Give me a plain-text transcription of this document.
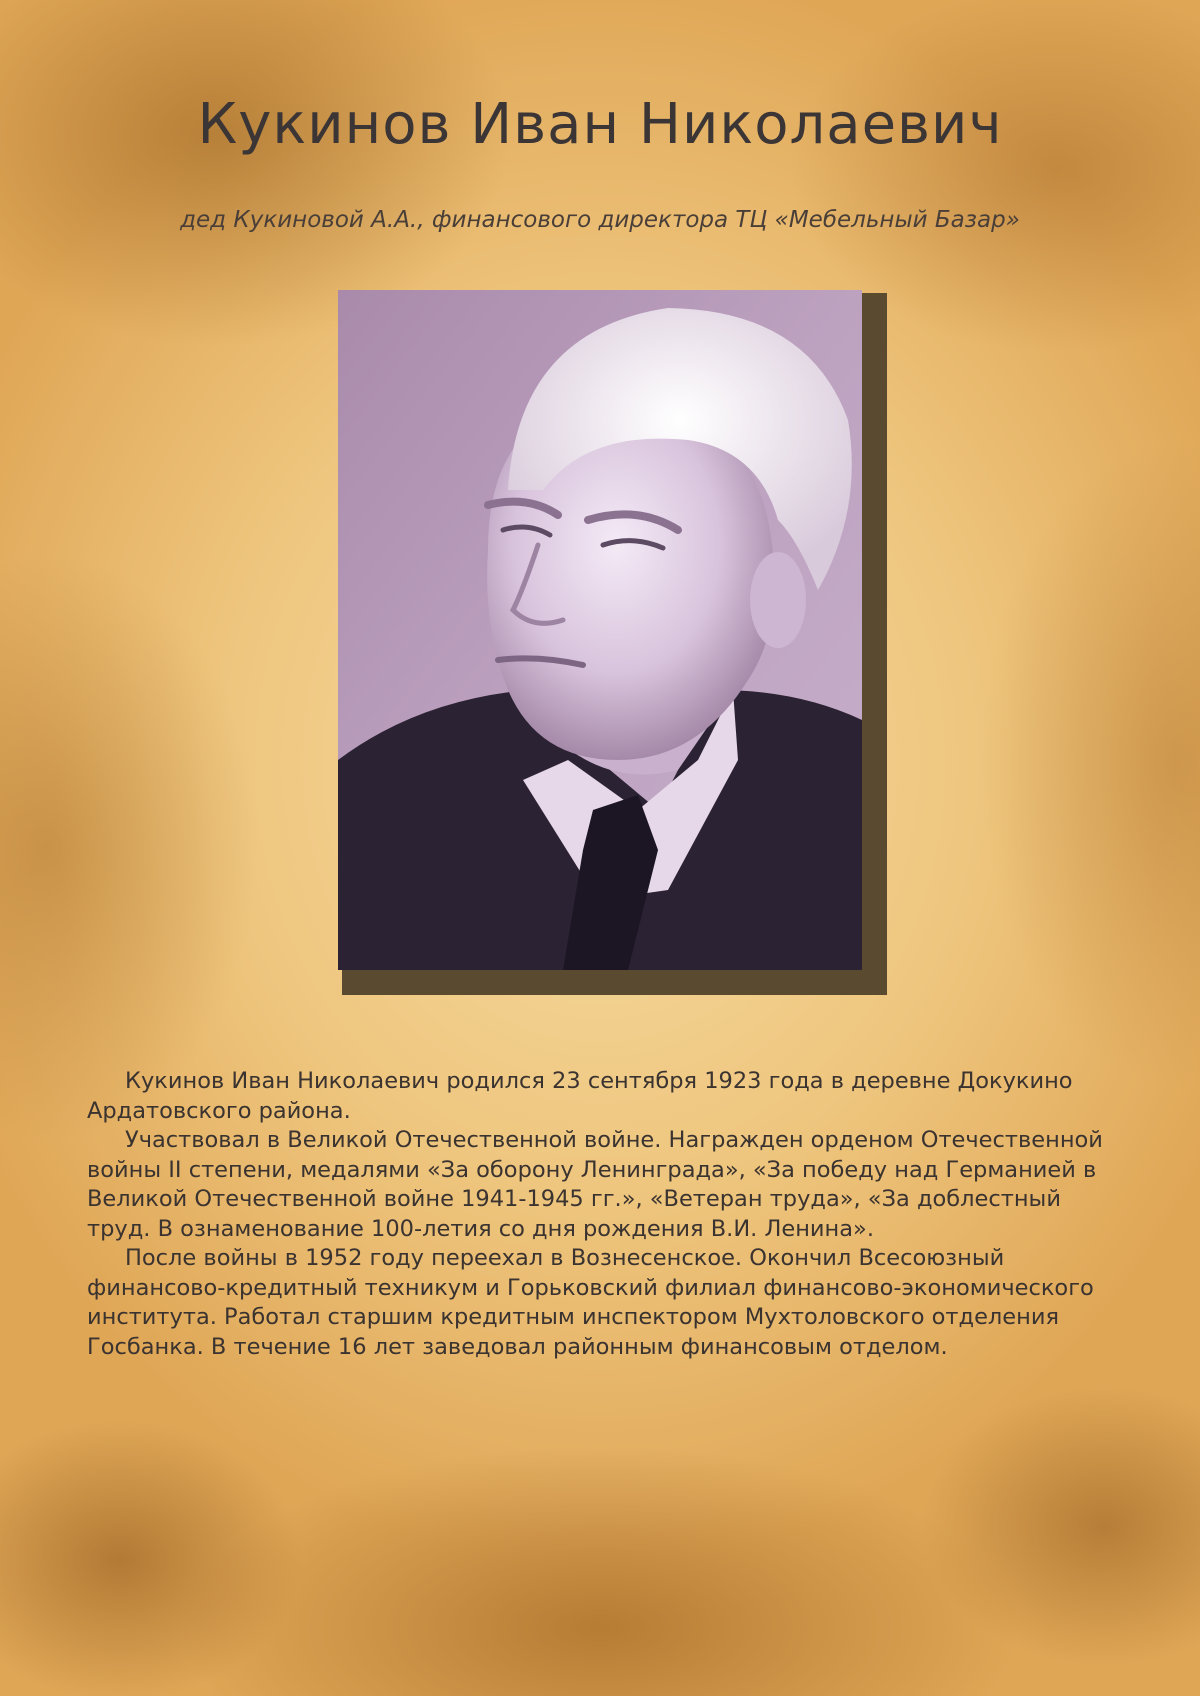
Кукинов Иван Николаевич

дед Кукиновой А.А., финансового директора ТЦ «Мебельный Базар»

Кукинов Иван Николаевич родился 23 сентября 1923 года в деревне Докукино Ардатовского района.

Участвовал в Великой Отечественной войне. Награжден орденом Отечественной войны II степени, медалями «За оборону Ленинграда», «За победу над Германией в Великой Отечественной войне 1941-1945 гг.», «Ветеран труда», «За доблестный труд. В ознаменование 100-летия со дня рождения В.И. Ленина».

После войны в 1952 году переехал в Вознесенское. Окончил Всесоюзный финансово-кредитный техникум и Горьковский филиал финансово-экономического института. Работал старшим кредитным инспектором Мухтоловского отделения Госбанка. В течение 16 лет заведовал районным финансовым отделом.
